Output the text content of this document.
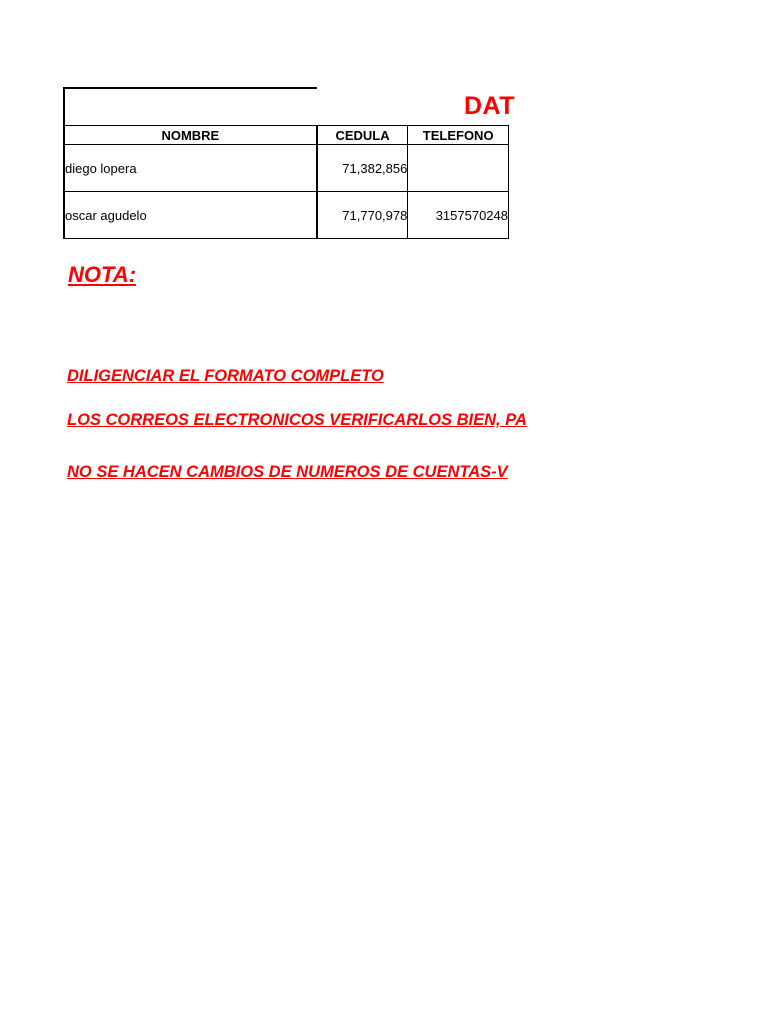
DAT
NOMBRE	CEDULA	TELEFONO
diego lopera	71,382,856	
oscar agudelo	71,770,978	3157570248
NOTA:
DILIGENCIAR EL FORMATO COMPLETO
LOS CORREOS ELECTRONICOS VERIFICARLOS BIEN, PA
NO SE HACEN CAMBIOS DE NUMEROS DE CUENTAS-V
